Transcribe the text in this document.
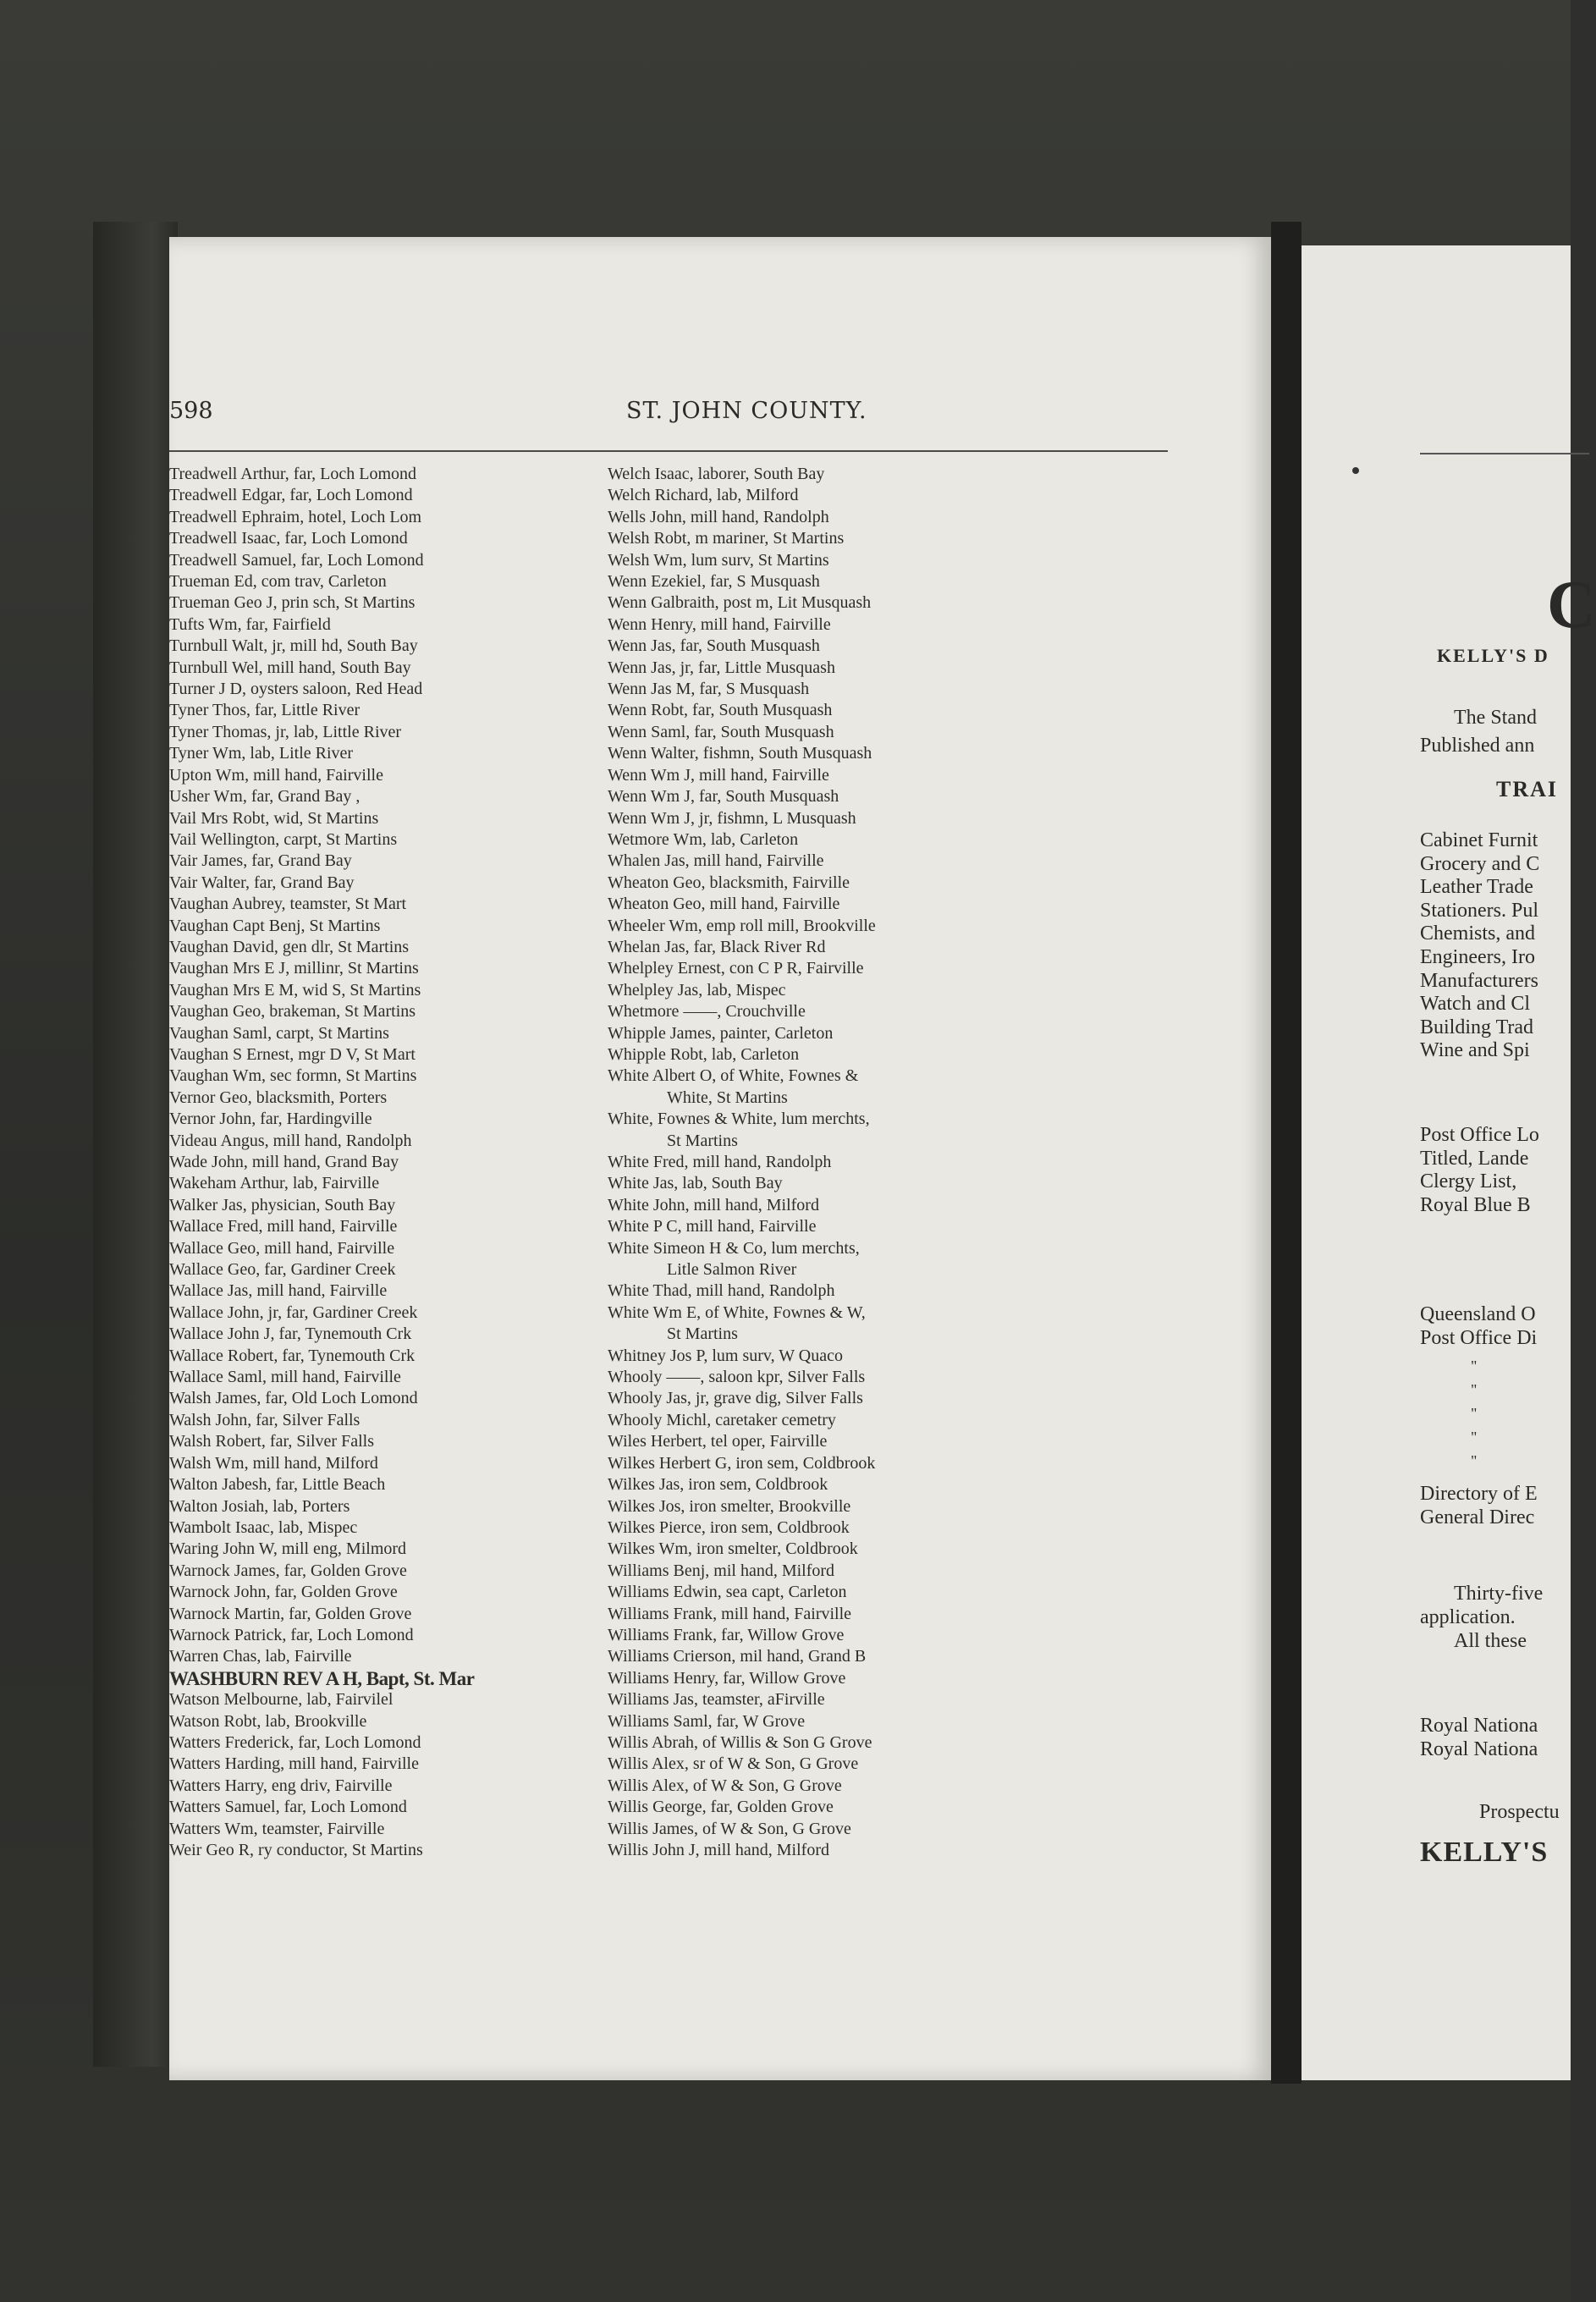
598	ST. JOHN COUNTY.
Treadwell Arthur, far, Loch Lomond
Treadwell Edgar, far, Loch Lomond
Treadwell Ephraim, hotel, Loch Lom
Treadwell Isaac, far, Loch Lomond
Treadwell Samuel, far, Loch Lomond
Trueman Ed, com trav, Carleton
Trueman Geo J, prin sch, St Martins
Tufts Wm, far, Fairfield
Turnbull Walt, jr, mill hd, South Bay
Turnbull Wel, mill hand, South Bay
Turner J D, oysters saloon, Red Head
Tyner Thos, far, Little River
Tyner Thomas, jr, lab, Little River
Tyner Wm, lab, Litle River
Upton Wm, mill hand, Fairville
Usher Wm, far, Grand Bay ,
Vail Mrs Robt, wid, St Martins
Vail Wellington, carpt, St Martins
Vair James, far, Grand Bay
Vair Walter, far, Grand Bay
Vaughan Aubrey, teamster, St Mart
Vaughan Capt Benj, St Martins
Vaughan David, gen dlr, St Martins
Vaughan Mrs E J, millinr, St Martins
Vaughan Mrs E M, wid S, St Martins
Vaughan Geo, brakeman, St Martins
Vaughan Saml, carpt, St Martins
Vaughan S Ernest, mgr D V, St Mart
Vaughan Wm, sec formn, St Martins
Vernor Geo, blacksmith, Porters
Vernor John, far, Hardingville
Videau Angus, mill hand, Randolph
Wade John, mill hand, Grand Bay
Wakeham Arthur, lab, Fairville
Walker Jas, physician, South Bay
Wallace Fred, mill hand, Fairville
Wallace Geo, mill hand, Fairville
Wallace Geo, far, Gardiner Creek
Wallace Jas, mill hand, Fairville
Wallace John, jr, far, Gardiner Creek
Wallace John J, far, Tynemouth Crk
Wallace Robert, far, Tynemouth Crk
Wallace Saml, mill hand, Fairville
Walsh James, far, Old Loch Lomond
Walsh John, far, Silver Falls
Walsh Robert, far, Silver Falls
Walsh Wm, mill hand, Milford
Walton Jabesh, far, Little Beach
Walton Josiah, lab, Porters
Wambolt Isaac, lab, Mispec
Waring John W, mill eng, Milmord
Warnock James, far, Golden Grove
Warnock John, far, Golden Grove
Warnock Martin, far, Golden Grove
Warnock Patrick, far, Loch Lomond
Warren Chas, lab, Fairville
WASHBURN REV A H, Bapt, St. Mar
Watson Melbourne, lab, Fairvilel
Watson Robt, lab, Brookville
Watters Frederick, far, Loch Lomond
Watters Harding, mill hand, Fairville
Watters Harry, eng driv, Fairville
Watters Samuel, far, Loch Lomond
Watters Wm, teamster, Fairville
Weir Geo R, ry conductor, St Martins
Welch Isaac, laborer, South Bay
Welch Richard, lab, Milford
Wells John, mill hand, Randolph
Welsh Robt, m mariner, St Martins
Welsh Wm, lum surv, St Martins
Wenn Ezekiel, far, S Musquash
Wenn Galbraith, post m, Lit Musquash
Wenn Henry, mill hand, Fairville
Wenn Jas, far, South Musquash
Wenn Jas, jr, far, Little Musquash
Wenn Jas M, far, S Musquash
Wenn Robt, far, South Musquash
Wenn Saml, far, South Musquash
Wenn Walter, fishmn, South Musquash
Wenn Wm J, mill hand, Fairville
Wenn Wm J, far, South Musquash
Wenn Wm J, jr, fishmn, L Musquash
Wetmore Wm, lab, Carleton
Whalen Jas, mill hand, Fairville
Wheaton Geo, blacksmith, Fairville
Wheaton Geo, mill hand, Fairville
Wheeler Wm, emp roll mill, Brookville
Whelan Jas, far, Black River Rd
Whelpley Ernest, con C P R, Fairville
Whelpley Jas, lab, Mispec
Whetmore ——, Crouchville
Whipple James, painter, Carleton
Whipple Robt, lab, Carleton
White Albert O, of White, Fownes &
White, St Martins
White, Fownes & White, lum merchts,
St Martins
White Fred, mill hand, Randolph
White Jas, lab, South Bay
White John, mill hand, Milford
White P C, mill hand, Fairville
White Simeon H & Co, lum merchts,
Litle Salmon River
White Thad, mill hand, Randolph
White Wm E, of White, Fownes & W,
St Martins
Whitney Jos P, lum surv, W Quaco
Whooly ——, saloon kpr, Silver Falls
Whooly Jas, jr, grave dig, Silver Falls
Whooly Michl, caretaker cemetry
Wiles Herbert, tel oper, Fairville
Wilkes Herbert G, iron sem, Coldbrook
Wilkes Jas, iron sem, Coldbrook
Wilkes Jos, iron smelter, Brookville
Wilkes Pierce, iron sem, Coldbrook
Wilkes Wm, iron smelter, Coldbrook
Williams Benj, mil hand, Milford
Williams Edwin, sea capt, Carleton
Williams Frank, mill hand, Fairville
Williams Frank, far, Willow Grove
Williams Crierson, mil hand, Grand B
Williams Henry, far, Willow Grove
Williams Jas, teamster, aFirville
Williams Saml, far, W Grove
Willis Abrah, of Willis & Son G Grove
Willis Alex, sr of W & Son, G Grove
Willis Alex, of W & Son, G Grove
Willis George, far, Golden Grove
Willis James, of W & Son, G Grove
Willis John J, mill hand, Milford
C
KELLY'S D
The Stand
Published ann
TRAI
Cabinet Furnit
Grocery and C
Leather Trade
Stationers. Pul
Chemists, and
Engineers, Iro
Manufacturers
Watch and Cl
Building Trad
Wine and Spi
Post Office Lo
Titled, Lande
Clergy List,
Royal Blue B
Queensland O
Post Office Di
"
"
"
"
"
Directory of E
General Direc
Thirty-five
application.
All these
Royal Nationa
Royal Nationa
Prospectu
KELLY'S
